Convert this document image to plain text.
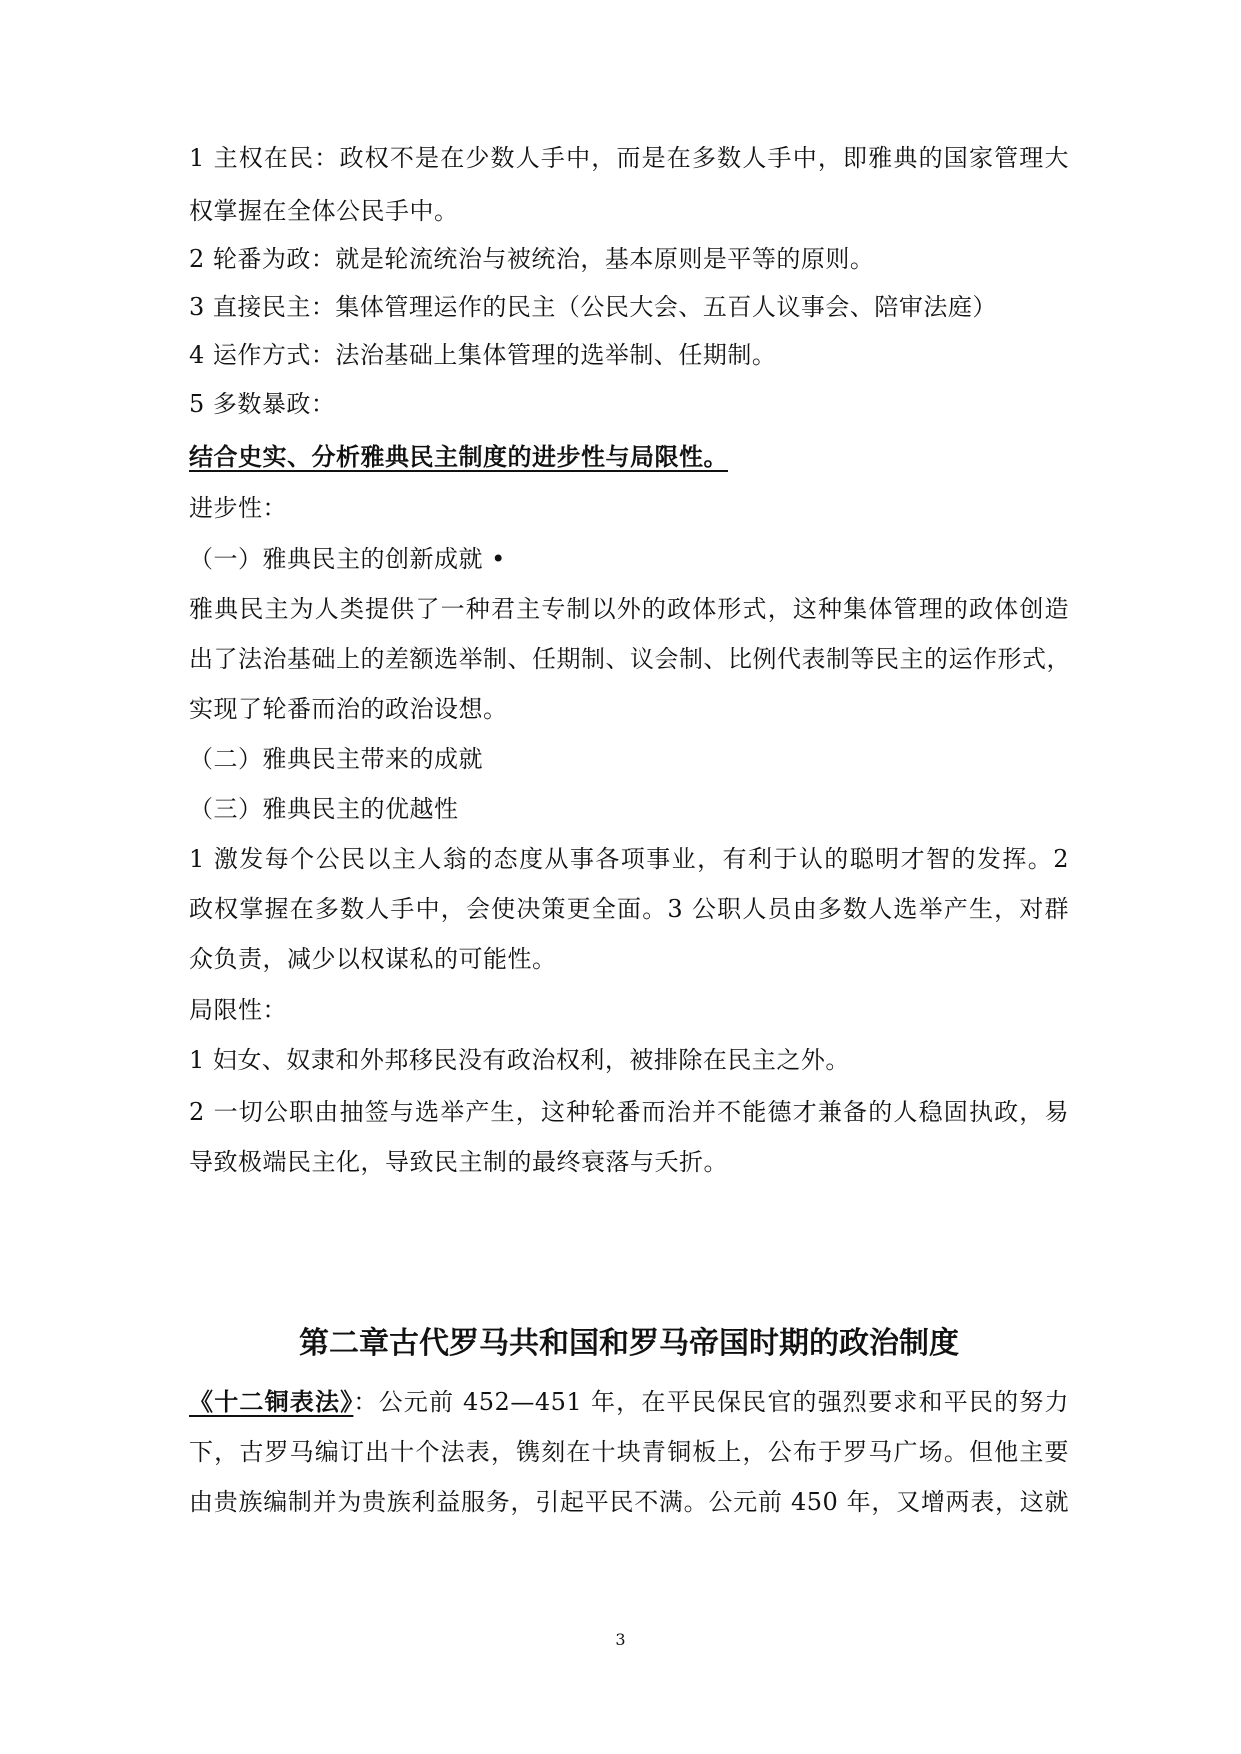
1 主权在民：政权不是在少数人手中，而是在多数人手中，即雅典的国家管理大
权掌握在全体公民手中。
2 轮番为政：就是轮流统治与被统治，基本原则是平等的原则。
3 直接民主：集体管理运作的民主（公民大会、五百人议事会、陪审法庭）
4 运作方式：法治基础上集体管理的选举制、任期制。
5 多数暴政：
结合史实、分析雅典民主制度的进步性与局限性。
进步性：
（一）雅典民主的创新成就 •
雅典民主为人类提供了一种君主专制以外的政体形式，这种集体管理的政体创造
出了法治基础上的差额选举制、任期制、议会制、比例代表制等民主的运作形式，
实现了轮番而治的政治设想。
（二）雅典民主带来的成就
（三）雅典民主的优越性
1 激发每个公民以主人翁的态度从事各项事业，有利于认的聪明才智的发挥。2
政权掌握在多数人手中，会使决策更全面。3 公职人员由多数人选举产生，对群
众负责，减少以权谋私的可能性。
局限性：
1 妇女、奴隶和外邦移民没有政治权利，被排除在民主之外。
2 一切公职由抽签与选举产生，这种轮番而治并不能德才兼备的人稳固执政，易
导致极端民主化，导致民主制的最终衰落与夭折。
第二章古代罗马共和国和罗马帝国时期的政治制度
《十二铜表法》：公元前 452—451 年，在平民保民官的强烈要求和平民的努力
下，古罗马编订出十个法表，镌刻在十块青铜板上，公布于罗马广场。但他主要
由贵族编制并为贵族利益服务，引起平民不满。公元前 450 年，又增两表，这就
3
